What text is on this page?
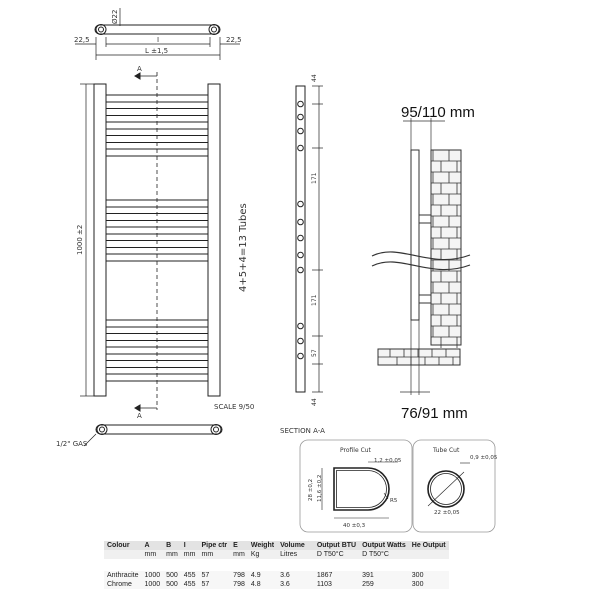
Ø22
22,5	22,5
I
L ±1,5
A
A
1000 ±2	4+5+4=13 Tubes
SCALE 9/50
1/2" GAS
44
171
171
57
44
SECTION A-A
95/110 mm
76/91 mm
Profile Cut
1,2 ±0,05
28 ±0,2 11,6 ±0,2	R5
40 ±0,3
Tube Cut
0,9 ±0,05
22 ±0,05
Colour	A	B	I	Pipe ctr	E	Weight	Volume		Output BTU	Output Watts	He Output
	mm	mm	mm	mm	mm	Kg	Litres		D T50°C	D T50°C	

Anthracite	1000	500	455	57	798	4.9	3.6		1867	391	300
Chrome	1000	500	455	57	798	4.8	3.6		1103	259	300
